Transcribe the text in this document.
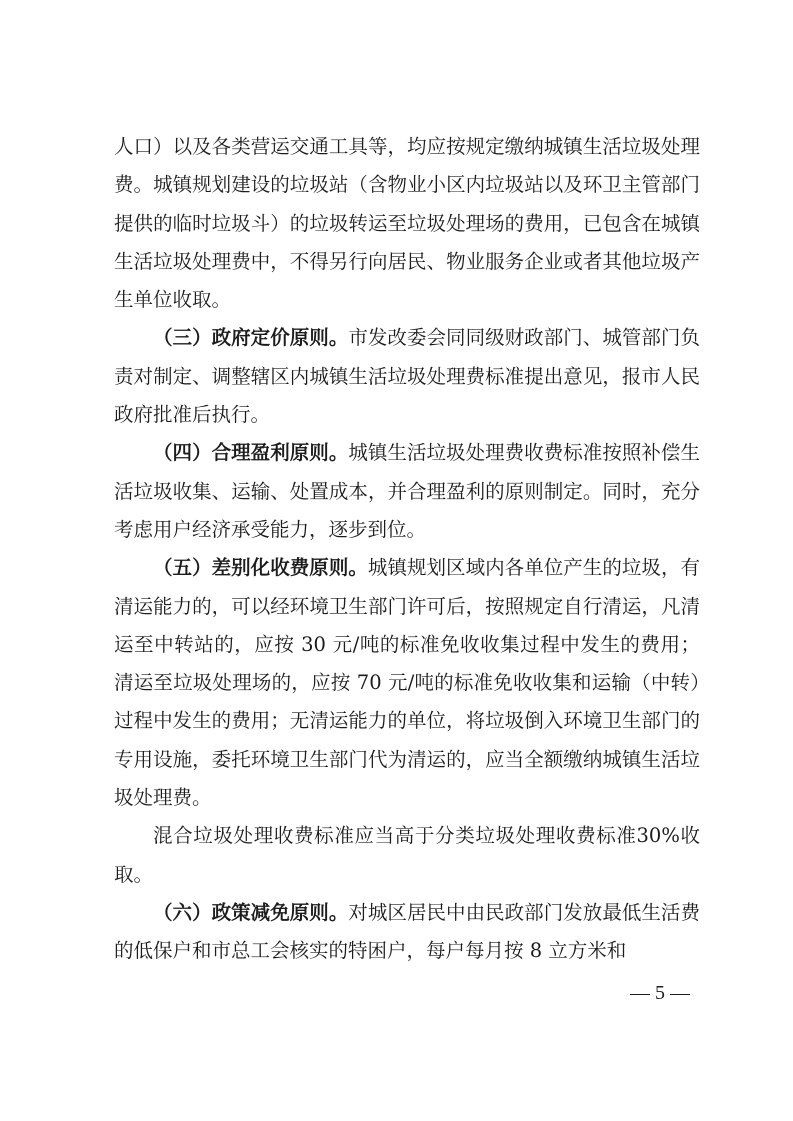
人口）以及各类营运交通工具等，均应按规定缴纳城镇生活垃圾处理费。城镇规划建设的垃圾站（含物业小区内垃圾站以及环卫主管部门提供的临时垃圾斗）的垃圾转运至垃圾处理场的费用，已包含在城镇生活垃圾处理费中，不得另行向居民、物业服务企业或者其他垃圾产生单位收取。

（三）政府定价原则。市发改委会同同级财政部门、城管部门负责对制定、调整辖区内城镇生活垃圾处理费标准提出意见，报市人民政府批准后执行。

（四）合理盈利原则。城镇生活垃圾处理费收费标准按照补偿生活垃圾收集、运输、处置成本，并合理盈利的原则制定。同时，充分考虑用户经济承受能力，逐步到位。

（五）差别化收费原则。城镇规划区域内各单位产生的垃圾，有清运能力的，可以经环境卫生部门许可后，按照规定自行清运，凡清运至中转站的，应按 30 元/吨的标准免收收集过程中发生的费用；清运至垃圾处理场的，应按 70 元/吨的标准免收收集和运输（中转）过程中发生的费用；无清运能力的单位，将垃圾倒入环境卫生部门的专用设施，委托环境卫生部门代为清运的，应当全额缴纳城镇生活垃圾处理费。

混合垃圾处理收费标准应当高于分类垃圾处理收费标准30%收取。

（六）政策减免原则。对城区居民中由民政部门发放最低生活费的低保户和市总工会核实的特困户，每户每月按 8 立方米和

— 5 —
